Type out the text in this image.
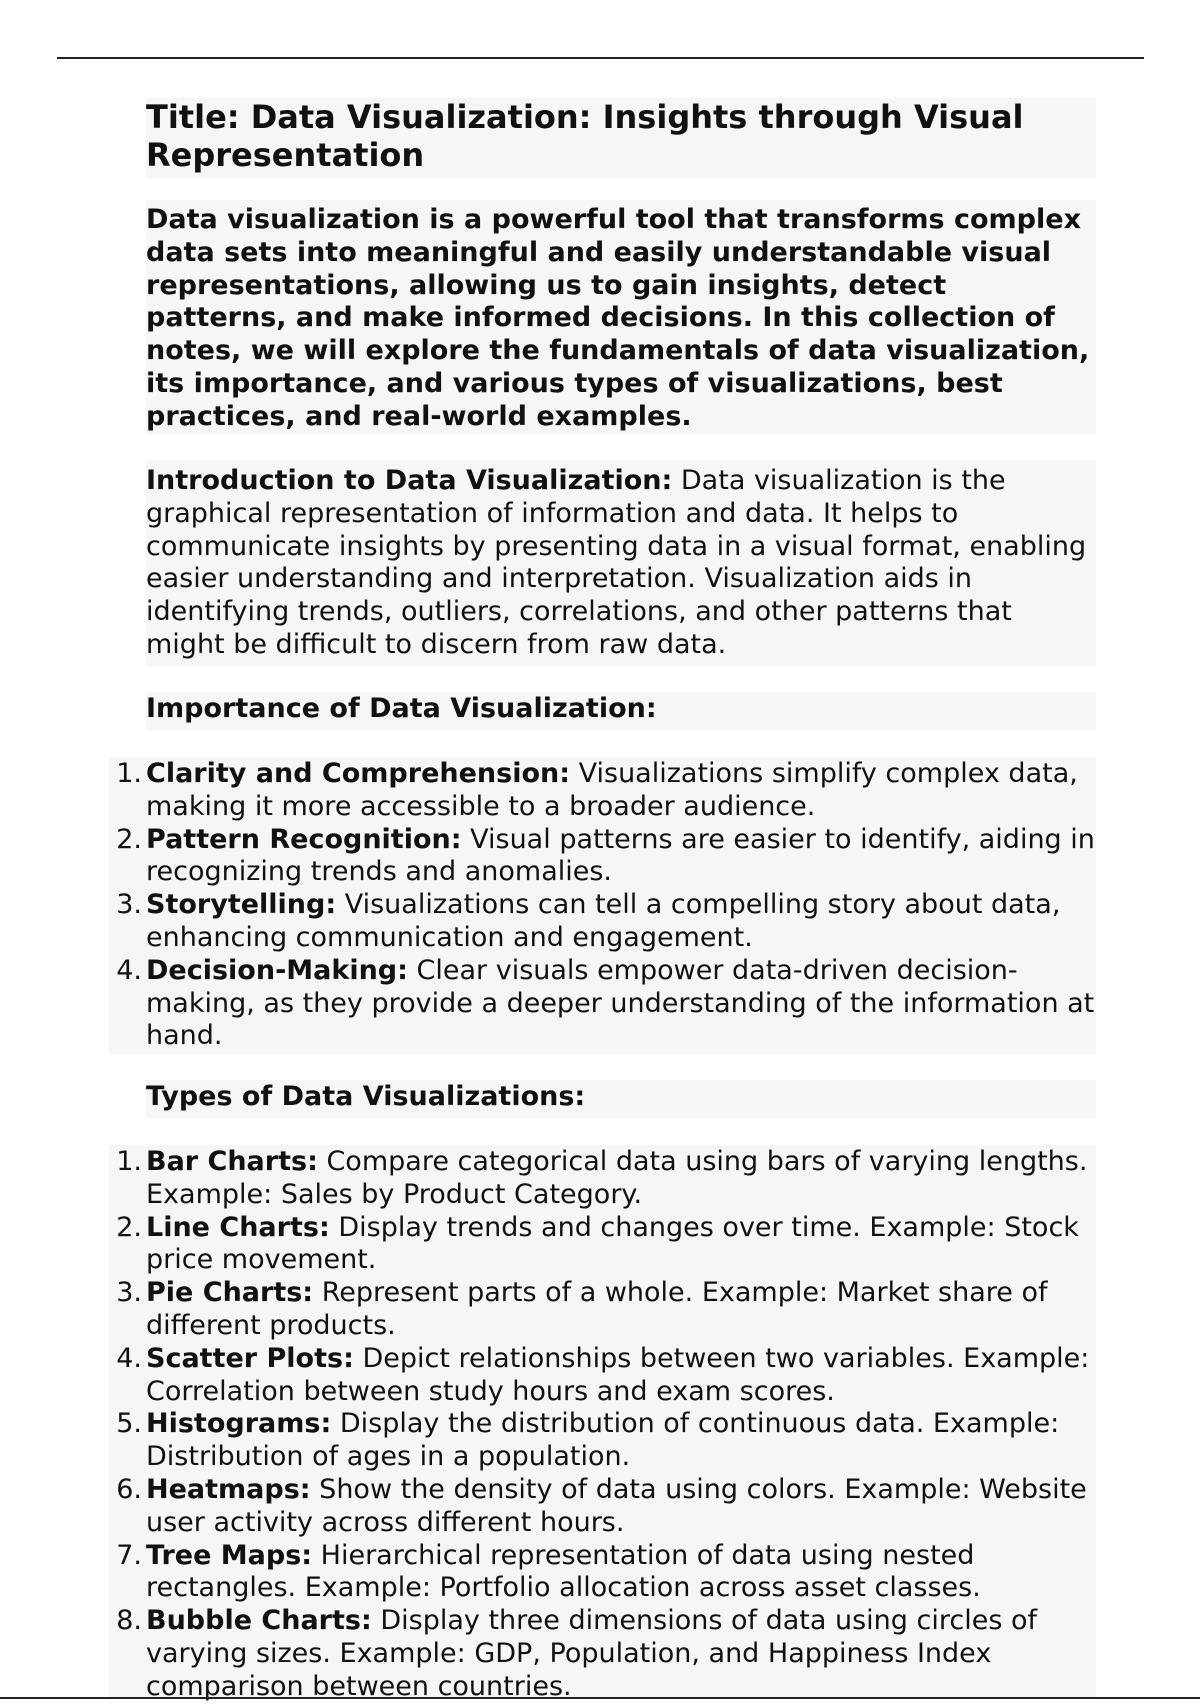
Title: Data Visualization: Insights through Visual Representation
Data visualization is a powerful tool that transforms complex data sets into meaningful and easily understandable visual representations, allowing us to gain insights, detect patterns, and make informed decisions. In this collection of notes, we will explore the fundamentals of data visualization, its importance, and various types of visualizations, best practices, and real-world examples.
Introduction to Data Visualization: Data visualization is the graphical representation of information and data. It helps to communicate insights by presenting data in a visual format, enabling easier understanding and interpretation. Visualization aids in identifying trends, outliers, correlations, and other patterns that might be difficult to discern from raw data.
Importance of Data Visualization:
1. Clarity and Comprehension: Visualizations simplify complex data, making it more accessible to a broader audience.
2. Pattern Recognition: Visual patterns are easier to identify, aiding in recognizing trends and anomalies.
3. Storytelling: Visualizations can tell a compelling story about data, enhancing communication and engagement.
4. Decision-Making: Clear visuals empower data-driven decision-making, as they provide a deeper understanding of the information at hand.
Types of Data Visualizations:
1. Bar Charts: Compare categorical data using bars of varying lengths. Example: Sales by Product Category.
2. Line Charts: Display trends and changes over time. Example: Stock price movement.
3. Pie Charts: Represent parts of a whole. Example: Market share of different products.
4. Scatter Plots: Depict relationships between two variables. Example: Correlation between study hours and exam scores.
5. Histograms: Display the distribution of continuous data. Example: Distribution of ages in a population.
6. Heatmaps: Show the density of data using colors. Example: Website user activity across different hours.
7. Tree Maps: Hierarchical representation of data using nested rectangles. Example: Portfolio allocation across asset classes.
8. Bubble Charts: Display three dimensions of data using circles of varying sizes. Example: GDP, Population, and Happiness Index comparison between countries.
